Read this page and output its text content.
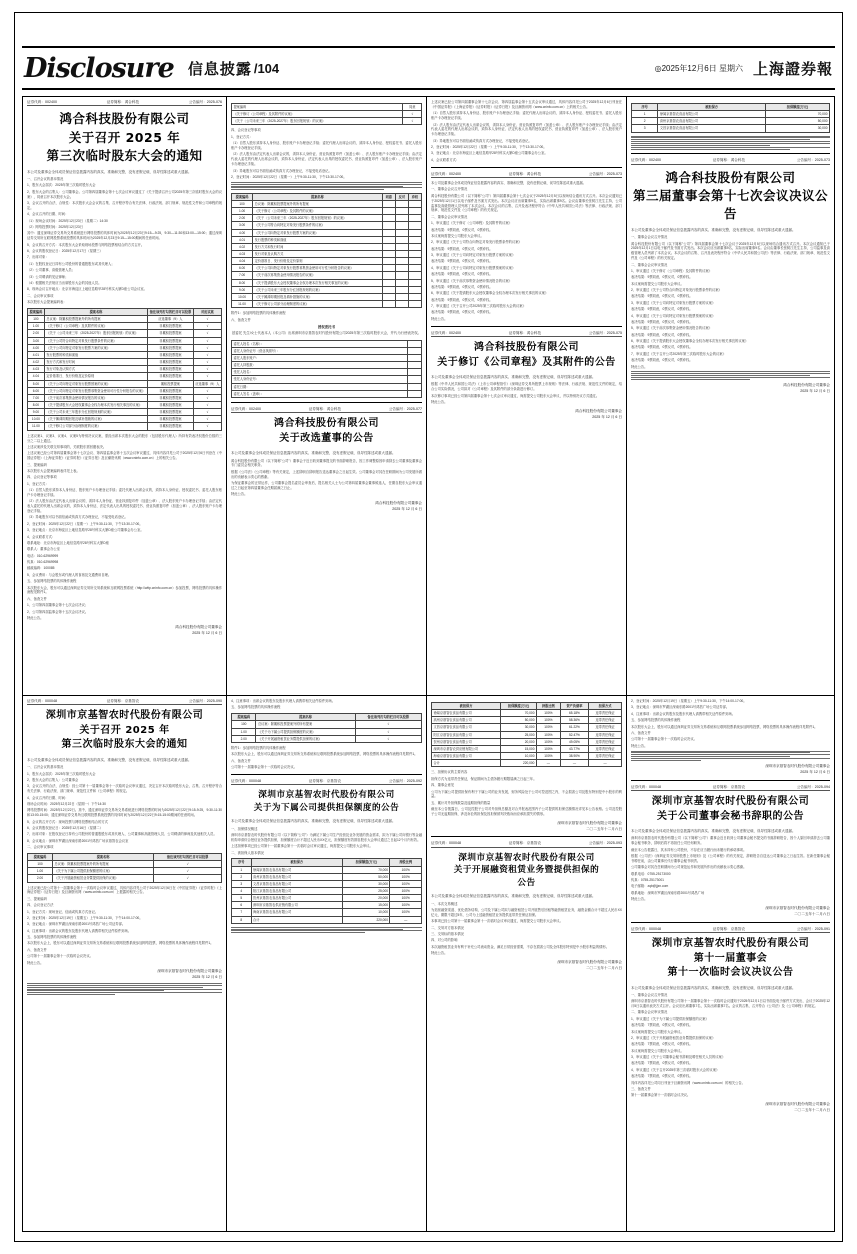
Disclosure 信息披露 /104	◎2025年12月6日 星期六 上海證券報
证券代码：002400	证券简称：鸿合科技	公告编号：2025-076
鸿合科技股份有限公司
关于召开 2025 年
第三次临时股东大会的通知
本公司及董事会全体成员保证信息披露内容的真实、准确和完整，没有虚假记载、误导性陈述或重大遗漏。

一、召开会议的基本情况

1、股东大会届次：2025年第三次临时股东大会

2、股东大会的召集人：公司董事会。公司第四届董事会第十七次会议审议通过了《关于提请召开公司2025年第三次临时股东大会的议案》，同意召开本次股东大会。

3、会议召开的合法、合规性：本次股东大会会议的召集、召开程序符合有关法律、行政法规、部门规章、规范性文件和公司章程的规定。

4、会议召开的日期、时间：

（1）现场会议时间：2025年12月23日（星期二）14:30

（2）网络投票时间：2025年12月23日

其中：通过深圳证券交易所交易系统进行网络投票的具体时间为2025年12月23日9:15—9:25，9:30—11:30和13:00—15:00；通过深圳证券交易所互联网投票系统投票的具体时间为2025年12月23日9:15—15:00期间的任意时间。

5、会议的召开方式：本次股东大会采取现场投票与网络投票相结合的方式召开。

6、会议的股权登记日：2025年12月17日（星期三）

7、出席对象：

（1）在股权登记日持有公司股份的普通股股东或其代理人；

（2）公司董事、高级管理人员；

（3）公司聘请的见证律师；

（4）根据相关法规应当出席股东大会的其他人员。

8、现场会议召开地点：北京市海淀区上地信息路甲28号科实大厦D座公司会议室。

二、会议审议事项

本次股东大会提案编码表：

提案编码	提案名称	备注该列打勾的栏目可以投票	对应议案
100	总议案：除累积投票提案外的所有提案	应选董事（9）人	√
1.00	《关于修订〈公司章程〉及其附件的议案》	非累积投票提案	√
2.00	《关于〈公司未来三年（2025-2027年）股东回报规划〉的议案》	非累积投票提案	√
3.00	《关于公司符合向特定对象发行股票条件的议案》	非累积投票提案	√
4.00	《关于公司向特定对象发行股票方案的议案》	非累积投票提案	√
4.01	发行股票的种类和面值	非累积投票提案	√
4.02	发行方式和发行时间	非累积投票提案	√
4.03	发行对象及认购方式	非累积投票提案	√
4.04	定价基准日、发行价格及定价原则	非累积投票提案	√
5.00	《关于公司向特定对象发行股票预案的议案》	累积投票提案	应选董事（9）人
6.00	《关于公司向特定对象发行股票募集资金使用可行性分析报告的议案》	非累积投票提案	√
7.00	《关于前次募集资金使用情况报告的议案》	非累积投票提案	√
8.00	《关于提请股东大会授权董事会全权办理本次发行相关事宜的议案》	非累积投票提案	√
9.00	《关于公司未来三年股东分红回报规划的议案》	非累积投票提案	√
10.00	《关于摊薄即期回报及填补措施的议案》	非累积投票提案	√
11.00	《关于修订公司部分治理制度的议案》	非累积投票提案	√

上述议案1、议案3、议案4、议案5为特别决议议案，需经出席本次股东大会的股东（包括股东代理人）所持有效表决权股份总数的三分之二以上通过。

上述议案涉及关联交易事项的，关联股东需回避表决。

上述议案已经公司第四届董事会第十七次会议、第四届监事会第十五次会议审议通过，具体内容详见公司于2025年12月6日刊登在《中国证券报》《上海证券报》《证券时报》《证券日报》及巨潮资讯网（www.cninfo.com.cn）上的相关公告。

三、提案编码

本次股东大会提案编码表详见上表。

四、会议登记等事项

1、登记方式：

（1）自然人股东须持本人身份证、股东账户卡办理登记手续；委托代理人出席会议的，须持本人身份证、授权委托书、委托人股东账户卡办理登记手续。

（2）法人股东由法定代表人出席会议的，须持本人身份证、营业执照复印件（加盖公章）、法人股东账户卡办理登记手续；由法定代表人委托的代理人出席会议的，须持本人身份证、法定代表人出具的授权委托书、营业执照复印件（加盖公章）、法人股东账户卡办理登记手续。

（3）异地股东可以书面信函或传真方式办理登记，不接受电话登记。

2、登记时间：2025年12月22日（星期一）上午9:30-11:30，下午13:30-17:00。

3、登记地点：北京市海淀区上地信息路甲28号科实大厦D座公司董事会办公室。

4、会议联系方式：

联系地址：北京市海淀区上地信息路甲28号科实大厦D座

联系人：董事会办公室

电话：010-62969999

传真：010-62969998

邮政编码：100085

5、会议费用：与会股东或代理人的食宿及交通费用自理。

五、参加网络投票的具体操作流程

本次股东大会，股东可以通过深圳证券交易所交易系统和互联网投票系统（http://wltp.cninfo.com.cn）参加投票，网络投票的具体操作流程见附件1。

六、备查文件

1、公司第四届董事会第十七次会议决议；

2、公司第四届监事会第十五次会议决议。

特此公告。

鸿合科技股份有限公司董事会
2025 年 12 月 6 日
提案编码	同意
《关于修订〈公司章程〉及其附件的议案》	√
《关于〈公司未来三年（2025-2027年）股东回报规划〉的议案》	√

四、会议登记等事项

1、登记方式：

（1）自然人股东须持本人身份证、股东账户卡办理登记手续；委托代理人出席会议的，须持本人身份证、授权委托书、委托人股东账户卡办理登记手续。

（2）法人股东由法定代表人出席会议的，须持本人身份证、营业执照复印件（加盖公章）、法人股东账户卡办理登记手续；由法定代表人委托的代理人出席会议的，须持本人身份证、法定代表人出具的授权委托书、营业执照复印件（加盖公章）、法人股东账户卡办理登记手续。

（3）异地股东可以书面信函或传真方式办理登记，不接受电话登记。

2、登记时间：2025年12月22日（星期一）上午9:30-11:30，下午13:30-17:00。

提案编码	提案名称	同意	反对	弃权
100	总议案：除累积投票提案外的所有提案			
1.00	《关于修订〈公司章程〉及其附件的议案》			
2.00	《关于〈公司未来三年（2025-2027年）股东回报规划〉的议案》			
3.00	《关于公司符合向特定对象发行股票条件的议案》			
4.00	《关于公司向特定对象发行股票方案的议案》			
4.01	发行股票的种类和面值			
4.02	发行方式和发行时间			
4.03	发行对象及认购方式			
4.04	定价基准日、发行价格及定价原则			
6.00	《关于公司向特定对象发行股票募集资金使用可行性分析报告的议案》			
7.00	《关于前次募集资金使用情况报告的议案》			
8.00	《关于提请股东大会授权董事会全权办理本次发行相关事宜的议案》			
9.00	《关于公司未来三年股东分红回报规划的议案》			
10.00	《关于摊薄即期回报及填补措施的议案》			
11.00	《关于修订公司部分治理制度的议案》			

附件1：参加网络投票的具体操作流程

六、备查文件

授权委托书
兹委托 先生/女士代表本人（本公司）出席深圳市京基智农时代股份有限公司2025年第三次临时股东大会，并代为行使表决权。
委托人姓名（名称）：	
委托人身份证号（营业执照号）：	
委托人股东账户：	
委托人持股数：	
受托人姓名：	
受托人身份证号：	
委托日期：	
委托人签名（盖章）：	
证券代码：002400	证券简称：鸿合科技	公告编号：2025-077
鸿合科技股份有限公司
关于改选董事的公告
本公司及董事会全体成员保证信息披露内容的真实、准确和完整，没有虚假记载、误导性陈述或重大遗漏。

鸿合科技股份有限公司（以下简称"公司"）董事会于近日收到董事提交的书面辞职报告，因工作调整原因申请辞去公司董事及董事会专门委员会相关职务。

根据《公司法》《公司章程》等有关规定，上述辞职自辞职报告送达董事会之日起生效。公司董事会对其在任职期间为公司发展所做出的贡献表示衷心的感谢。

为保证董事会的正常运作，公司董事会提名委员会审查后，提名相关人士为公司第四届董事会董事候选人，任期自股东大会审议通过之日起至第四届董事会任期届满之日止。

特此公告。

鸿合科技股份有限公司董事会
2025 年 12 月 6 日

上述议案已经公司第四届董事会第十七次会议、第四届监事会第十五次会议审议通过，具体内容详见公司于2025年12月6日刊登在《中国证券报》《上海证券报》《证券时报》《证券日报》及巨潮资讯网（www.cninfo.com.cn）上的相关公告。

（1）自然人股东须持本人身份证、股东账户卡办理登记手续；委托代理人出席会议的，须持本人身份证、授权委托书、委托人股东账户卡办理登记手续。

（2）法人股东由法定代表人出席会议的，须持本人身份证、营业执照复印件（加盖公章）、法人股东账户卡办理登记手续；由法定代表人委托的代理人出席会议的，须持本人身份证、法定代表人出具的授权委托书、营业执照复印件（加盖公章）、法人股东账户卡办理登记手续。

（3）异地股东可以书面信函或传真方式办理登记，不接受电话登记。

2、登记时间：2025年12月22日（星期一）上午9:30-11:30，下午13:30-17:00。

3、登记地点：北京市海淀区上地信息路甲28号科实大厦D座公司董事会办公室。

4、会议联系方式：

证券代码：002400	证券简称：鸿合科技	公告编号：2025-073

本公司及董事会全体成员保证信息披露内容的真实、准确和完整，没有虚假记载、误导性陈述或重大遗漏。

一、董事会会议召开情况

鸿合科技股份有限公司（以下简称"公司"）第四届董事会第十七次会议于2025年12月5日以现场结合通讯方式召开。本次会议通知已于2025年12月1日以电子邮件及书面方式发出。本次会议应出席董事9名，实际出席董事9名。会议由董事长张树江先生主持，公司监事及高级管理人员列席了本次会议。本次会议的召集、召开及表决程序符合《中华人民共和国公司法》等法律、行政法规、部门规章、规范性文件及《公司章程》的有关规定。

二、董事会会议审议情况

1、审议通过《关于修订〈公司章程〉及其附件的议案》

表决结果：9票同意，0票反对，0票弃权。

本议案尚需提交公司股东大会审议。

2、审议通过《关于公司符合向特定对象发行股票条件的议案》

表决结果：9票同意，0票反对，0票弃权。

3、审议通过《关于公司向特定对象发行股票方案的议案》

表决结果：9票同意，0票反对，0票弃权。

4、审议通过《关于公司向特定对象发行股票预案的议案》

表决结果：9票同意，0票反对，0票弃权。

5、审议通过《关于前次募集资金使用情况报告的议案》

表决结果：9票同意，0票反对，0票弃权。

6、审议通过《关于提请股东大会授权董事会全权办理本次发行相关事宜的议案》

表决结果：9票同意，0票反对，0票弃权。

7、审议通过《关于召开公司2025年第三次临时股东大会的议案》

表决结果：9票同意，0票反对，0票弃权。

特此公告。

证券代码：002400	证券简称：鸿合科技	公告编号：2025-075
鸿合科技股份有限公司
关于修订《公司章程》及其附件的公告
本公司及董事会全体成员保证信息披露内容的真实、准确和完整，没有虚假记载、误导性陈述或重大遗漏。

根据《中华人民共和国公司法》《上市公司章程指引》《深圳证券交易所股票上市规则》等法律、行政法规、规范性文件的规定，结合公司实际情况，公司拟对《公司章程》及其附件的部分条款进行修订。

本次修订事项已经公司第四届董事会第十七次会议审议通过，尚需提交公司股东大会审议，并以特别决议方式通过。

特此公告。

鸿合科技股份有限公司董事会
2025 年 12 月 6 日
序号	被担保方	担保额度(万元)
1	徐闻京基智农食品有限公司	70,000
2	高州京基智农食品有限公司	50,000
3	文昌京基智农食品有限公司	30,000
证券代码：002400	证券简称：鸿合科技	公告编号：2025-073
鸿合科技股份有限公司
第三届董事会第十七次会议决议公告
本公司及董事会全体成员保证信息披露内容的真实、准确和完整，没有虚假记载、误导性陈述或重大遗漏。

一、董事会会议召开情况

鸿合科技股份有限公司（以下简称"公司"）第四届董事会第十七次会议于2025年12月5日以现场结合通讯方式召开。本次会议通知已于2025年12月1日以电子邮件及书面方式发出。本次会议应出席董事9名，实际出席董事9名。会议由董事长张树江先生主持，公司监事及高级管理人员列席了本次会议。本次会议的召集、召开及表决程序符合《中华人民共和国公司法》等法律、行政法规、部门规章、规范性文件及《公司章程》的有关规定。

二、董事会会议审议情况

1、审议通过《关于修订〈公司章程〉及其附件的议案》

表决结果：9票同意，0票反对，0票弃权。

本议案尚需提交公司股东大会审议。

2、审议通过《关于公司符合向特定对象发行股票条件的议案》

表决结果：9票同意，0票反对，0票弃权。

3、审议通过《关于公司向特定对象发行股票方案的议案》

表决结果：9票同意，0票反对，0票弃权。

4、审议通过《关于公司向特定对象发行股票预案的议案》

表决结果：9票同意，0票反对，0票弃权。

5、审议通过《关于前次募集资金使用情况报告的议案》

表决结果：9票同意，0票反对，0票弃权。

6、审议通过《关于提请股东大会授权董事会全权办理本次发行相关事宜的议案》

表决结果：9票同意，0票反对，0票弃权。

7、审议通过《关于召开公司2025年第三次临时股东大会的议案》

表决结果：9票同意，0票反对，0票弃权。

特此公告。

鸿合科技股份有限公司董事会
2025 年 12 月 6 日
证券代码：000048	证券简称：京基智农	公告编号：2025-090
深圳市京基智农时代股份有限公司
关于召开 2025 年
第三次临时股东大会的通知
本公司及董事会全体成员保证信息披露内容的真实、准确和完整，没有虚假记载、误导性陈述或重大遗漏。

一、召开会议的基本情况

1、股东大会届次：2025年第三次临时股东大会

2、股东大会的召集人：公司董事会

3、会议召开的合法、合规性：经公司第十一届董事会第十一次临时会议审议通过，决定召开本次临时股东大会，召集、召开程序符合有关法律、行政法规、部门规章、规范性文件和《公司章程》的规定。

4、会议召开的日期、时间：

现场会议时间：2025年12月22日（星期一）下午14:30

网络投票时间：2025年12月22日。其中，通过深圳证券交易所交易系统进行网络投票的时间为2025年12月22日9:15-9:25，9:30-11:30和13:00-15:00；通过深圳证券交易所互联网投票系统投票的具体时间为2025年12月22日9:15-15:00期间的任意时间。

5、会议的召开方式：现场投票与网络投票相结合的方式

6、会议的股权登记日：2025年12月16日（星期二）

7、出席对象：在股权登记日持有公司股份的普通股股东或其代理人、公司董事和高级管理人员、公司聘请的律师及其他相关人员。

8、会议地点：深圳市罗湖区深南东路2001号鸿昌广场京基智农会议室

二、会议审议事项

提案编码	提案名称	备注该列打勾的栏目可以投票
100	总议案：除累积投票提案外的所有提案	√
1.00	《关于为下属公司提供担保额度的议案》	√
2.00	《关于开展融资租赁业务暨提供担保的议案》	√

上述议案已经公司第十一届董事会第十一次临时会议审议通过，具体内容详见公司于2025年12月6日在《中国证券报》《证券时报》《上海证券报》《证券日报》及巨潮资讯网（www.cninfo.com.cn）上披露的相关公告。

三、提案编码

四、会议登记方法

1、登记方式：现场登记、信函或传真方式登记。

2、登记时间：2025年12月19日（星期五）上午9:30-11:30，下午14:00-17:00。

3、登记地点：深圳市罗湖区深南东路2001号鸿昌广场公司证券部。

4、注意事项：出席会议的股东及股东代理人请携带相关证件原件到场。

五、参加网络投票的具体操作流程

本次股东大会上，股东可以通过深圳证券交易所交易系统和互联网投票系统参加网络投票，网络投票的具体操作流程详见附件1。

六、备查文件

公司第十一届董事会第十一次临时会议决议。

特此公告。

深圳市京基智农时代股份有限公司董事会
2025 年 12 月 6 日

4、注意事项：出席会议的股东及股东代理人请携带相关证件原件到场。

五、参加网络投票的具体操作流程

提案编码	提案名称	备注该列打勾的栏目可以投票
100	总议案：除累积投票提案外的所有提案	√
1.00	《关于为下属公司提供担保额度的议案》	√
2.00	《关于开展融资租赁业务暨提供担保的议案》	√

附件1：参加网络投票的具体操作流程

本次股东大会上，股东可以通过深圳证券交易所交易系统和互联网投票系统参加网络投票，网络投票的具体操作流程详见附件1。

六、备查文件

公司第十一届董事会第十一次临时会议决议。

证券代码：000048	证券简称：京基智农	公告编号：2025-092
深圳市京基智农时代股份有限公司
关于为下属公司提供担保额度的公告
本公司及董事会全体成员保证信息披露内容的真实、准确和完整，没有虚假记载、误导性陈述或重大遗漏。

一、担保情况概述

深圳市京基智农时代股份有限公司（以下简称"公司"）为满足下属公司生产经营及业务发展的资金需求，拟为下属公司向银行等金融机构申请综合授信业务提供担保，担保额度合计不超过人民币XX亿元，担保额度有效期自股东大会审议通过之日起12个月内有效。

上述担保事项已经公司第十一届董事会第十一次临时会议审议通过，尚需提交公司股东大会审议。

二、被担保人基本情况

序号	被担保方	担保额度(万元)	持股比例
1	徐闻京基智农食品有限公司	70,000	100%
2	高州京基智农食品有限公司	50,000	100%
3	文昌京基智农食品有限公司	30,000	100%
4	阳江京基智农食品有限公司	25,000	100%
5	贺州京基智农食品有限公司	20,000	100%
6	深圳市京基智农供应链有限公司	15,000	100%
7	海南京基智农食品有限公司	10,000	100%
8	合计	220,000	—
被担保方	担保额度(万元)	持股比例	资产负债率	担保方式
徐闻京基智农食品有限公司	70,000	100%	65.18%	连带责任保证
高州京基智农食品有限公司	50,000	100%	58.36%	连带责任保证
文昌京基智农食品有限公司	30,000	100%	61.22%	连带责任保证
阳江京基智农食品有限公司	25,000	100%	52.47%	连带责任保证
贺州京基智农食品有限公司	20,000	100%	49.05%	连带责任保证
深圳市京基智农供应链有限公司	15,000	100%	43.77%	连带责任保证
海南京基智农食品有限公司	10,000	100%	38.90%	连带责任保证
合计	220,000	—	—	—

三、担保协议的主要内容

担保方式为连带责任保证，保证期间为主债务履行期限届满之日起三年。

四、董事会意见

公司为下属公司提供担保有利于下属公司的业务发展，财务风险处于公司可控范围之内，不会损害公司及股东特别是中小股东的利益。

五、累计对外担保数量及逾期担保的数量

截至本公告披露日，公司及控股子公司对外担保总额及对合并报表范围内子公司提供的担保总额情况详见本公告表格。公司及控股子公司无逾期担保、涉及诉讼的担保及因担保被判决败诉而应承担损失的情形。

深圳市京基智农时代股份有限公司董事会
二〇二五年十二月六日
证券代码：000048	证券简称：京基智农	公告编号：2025-093
深圳市京基智农时代股份有限公司
关于开展融资租赁业务暨提供担保的
公告
本公司及董事会全体成员保证信息披露内容的真实、准确和完整，没有虚假记载、误导性陈述或重大遗漏。

一、本次交易概述

为拓宽融资渠道、优化债务结构，公司及下属公司拟与融资租赁公司开展售后回租等融资租赁业务，融资金额合计不超过人民币XX亿元，期限不超过5年，公司为上述融资租赁业务提供连带责任保证担保。

本事项已经公司第十一届董事会第十一次临时会议审议通过，尚需提交公司股东大会审议。

二、交易对方基本情况

三、交易标的基本情况

四、对公司的影响

本次融资租赁业务有利于补充公司流动资金，满足日常经营需要，不存在损害公司及全体股东特别是中小股东利益的情形。

特此公告。

深圳市京基智农时代股份有限公司董事会
二〇二五年十二月六日

2、登记时间：2025年12月19日（星期五）上午9:30-11:30，下午14:00-17:00。

3、登记地点：深圳市罗湖区深南东路2001号鸿昌广场公司证券部。

4、注意事项：出席会议的股东及股东代理人请携带相关证件原件到场。

五、参加网络投票的具体操作流程

本次股东大会上，股东可以通过深圳证券交易所交易系统和互联网投票系统参加网络投票，网络投票的具体操作流程详见附件1。

六、备查文件

公司第十一届董事会第十一次临时会议决议。

特此公告。

深圳市京基智农时代股份有限公司董事会
2025 年 12 月 6 日
证券代码：000048	证券简称：京基智农	公告编号：2025-094
深圳市京基智农时代股份有限公司
关于公司董事会秘书辞职的公告
本公司及董事会全体成员保证信息披露内容的真实、准确和完整，没有虚假记载、误导性陈述或重大遗漏。

深圳市京基智农时代股份有限公司（以下简称"公司"）董事会近日收到公司董事会秘书提交的书面辞职报告，因个人原因申请辞去公司董事会秘书职务，辞职后将不再担任公司任何职务。

截至本公告披露日，其未持有公司股份，不存在应当履行而未履行的承诺事项。

根据《公司法》《深圳证券交易所股票上市规则》及《公司章程》的有关规定，辞职报告自送达公司董事会之日起生效。在新任董事会秘书聘任前，由公司董事长代行董事会秘书职责。

公司董事会对其在任职期间为公司规范运作和发展所作出的贡献表示衷心感谢。

联系电话：0755-25173000

传真：0755-25173001

电子邮箱：zqb@jjzn.com

联系地址：深圳市罗湖区深南东路2001号鸿昌广场

特此公告。

深圳市京基智农时代股份有限公司董事会
二〇二五年十二月六日
证券代码：000048	证券简称：京基智农	公告编号：2025-091
深圳市京基智农时代股份有限公司
第十一届董事会
第十一次临时会议决议公告
本公司及董事会全体成员保证信息披露内容的真实、准确和完整，没有虚假记载、误导性陈述或重大遗漏。

一、董事会会议召开情况

深圳市京基智农时代股份有限公司第十一届董事会第十一次临时会议通知于2025年12月1日以书面及电子邮件方式发出，会议于2025年12月5日以通讯表决方式召开。会议应出席董事7名，实际出席董事7名。会议的召集、召开符合《公司法》及《公司章程》的规定。

二、董事会会议审议情况

1、审议通过《关于为下属公司提供担保额度的议案》

表决结果：7票同意，0票反对，0票弃权。

本议案尚需提交公司股东大会审议。

2、审议通过《关于开展融资租赁业务暨提供担保的议案》

表决结果：7票同意，0票反对，0票弃权。

本议案尚需提交公司股东大会审议。

3、审议通过《关于公司董事会秘书辞职及聘任相关人员的议案》

表决结果：7票同意，0票反对，0票弃权。

4、审议通过《关于召开2025年第三次临时股东大会的议案》

表决结果：7票同意，0票反对，0票弃权。

具体内容详见公司同日刊登于巨潮资讯网（www.cninfo.com.cn）的相关公告。

三、备查文件

第十一届董事会第十一次临时会议决议。

深圳市京基智农时代股份有限公司董事会
二〇二五年十二月六日
